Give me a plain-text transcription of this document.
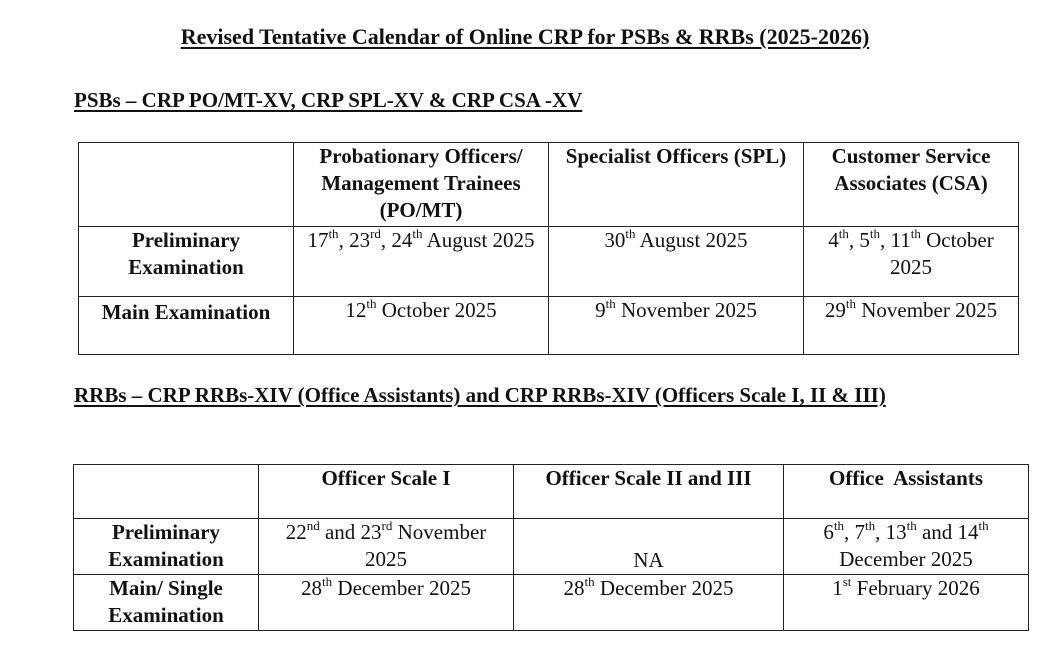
Revised Tentative Calendar of Online CRP for PSBs & RRBs (2025-2026)
PSBs – CRP PO/MT-XV, CRP SPL-XV & CRP CSA -XV
	Probationary Officers/ Management Trainees (PO/MT)	Specialist Officers (SPL)	Customer Service Associates (CSA)
Preliminary Examination	17th, 23rd, 24th August 2025	30th August 2025	4th, 5th, 11th October 2025
Main Examination	12th October 2025	9th November 2025	29th November 2025
RRBs – CRP RRBs-XIV (Office Assistants) and CRP RRBs-XIV (Officers Scale I, II & III)
	Officer Scale I	Officer Scale II and III	Office  Assistants
Preliminary Examination	22nd and 23rd November 2025	NA	6th, 7th, 13th and 14th December 2025
Main/ Single Examination	28th December 2025	28th December 2025	1st February 2026
